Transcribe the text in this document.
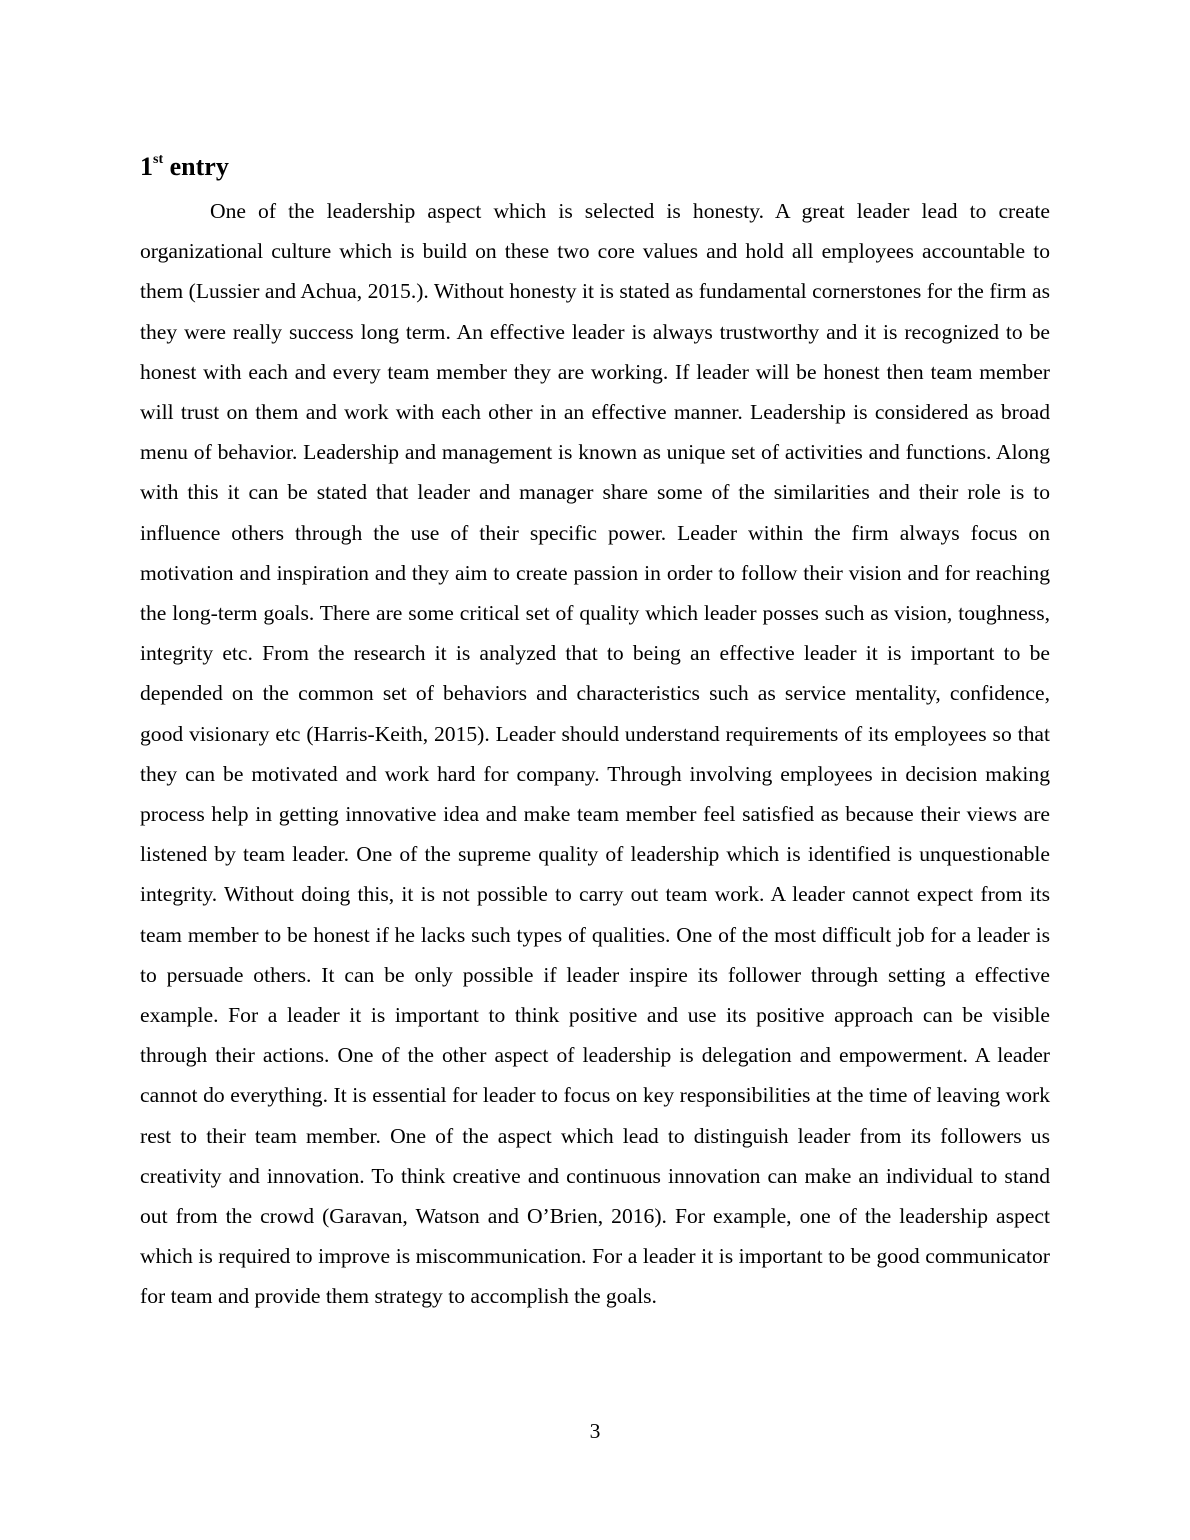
1st entry

One of the leadership aspect which is selected is honesty. A great leader lead to create organizational culture which is build on these two core values and hold all employees accountable to them (Lussier and Achua, 2015.). Without honesty it is stated as fundamental cornerstones for the firm as they were really success long term. An effective leader is always trustworthy and it is recognized to be honest with each and every team member they are working. If leader will be honest then team member will trust on them and work with each other in an effective manner. Leadership is considered as broad menu of behavior. Leadership and management is known as unique set of activities and functions. Along with this it can be stated that leader and manager share some of the similarities and their role is to influence others through the use of their specific power. Leader within the firm always focus on motivation and inspiration and they aim to create passion in order to follow their vision and for reaching the long-term goals. There are some critical set of quality which leader posses such as vision, toughness, integrity etc. From the research it is analyzed that to being an effective leader it is important to be depended on the common set of behaviors and characteristics such as service mentality, confidence, good visionary etc (Harris-Keith, 2015). Leader should understand requirements of its employees so that they can be motivated and work hard for company. Through involving employees in decision making process help in getting innovative idea and make team member feel satisfied as because their views are listened by team leader. One of the supreme quality of leadership which is identified is unquestionable integrity. Without doing this, it is not possible to carry out team work. A leader cannot expect from its team member to be honest if he lacks such types of qualities. One of the most difficult job for a leader is to persuade others. It can be only possible if leader inspire its follower through setting a effective example. For a leader it is important to think positive and use its positive approach can be visible through their actions. One of the other aspect of leadership is delegation and empowerment. A leader cannot do everything. It is essential for leader to focus on key responsibilities at the time of leaving work rest to their team member. One of the aspect which lead to distinguish leader from its followers us creativity and innovation. To think creative and continuous innovation can make an individual to stand out from the crowd (Garavan, Watson and O’Brien, 2016). For example, one of the leadership aspect which is required to improve is miscommunication. For a leader it is important to be good communicator for team and provide them strategy to accomplish the goals.

3
